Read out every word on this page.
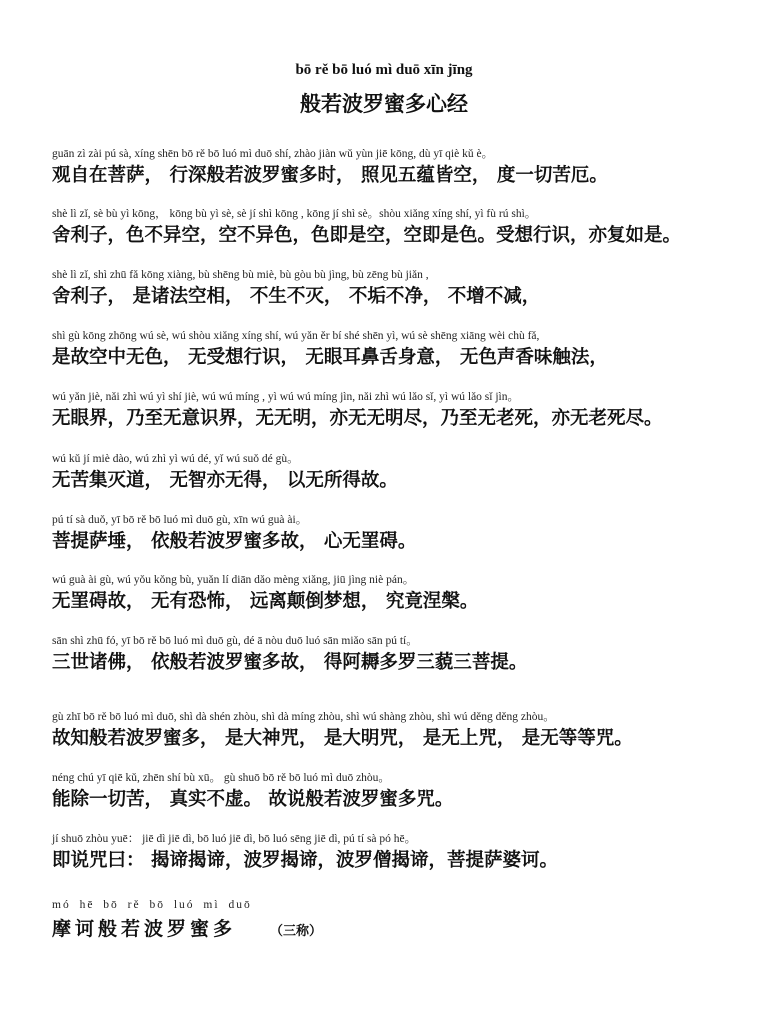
bō rě bō luó mì duō xīn jīng
般若波罗蜜多心经
guān zì zài pú sà, xíng shēn bō rě bō luó mì duō shí, zhào jiàn wǔ yùn jiē kōng, dù yī qiè kǔ è。
观自在菩萨， 行深般若波罗蜜多时， 照见五蕴皆空， 度一切苦厄。
shè lì zǐ, sè bù yì kōng， kōng bù yì sè, sè jí shì kōng , kōng jí shì sè。shòu xiǎng xíng shí, yì fù rú shì。
舍利子，色不异空，空不异色，色即是空，空即是色。受想行识，亦复如是。
shè lì zǐ, shì zhū fǎ kōng xiàng, bù shēng bù miè, bù gòu bù jìng, bù zēng bù jiǎn ,
舍利子， 是诸法空相， 不生不灭， 不垢不净， 不增不减，
shì gù kōng zhōng wú sè, wú shòu xiǎng xíng shí, wú yǎn ěr bí shé shēn yì, wú sè shēng xiāng wèi chù fǎ,
是故空中无色， 无受想行识， 无眼耳鼻舌身意， 无色声香味触法，
wú yǎn jiè, nǎi zhì wú yì shí jiè, wú wú míng , yì wú wú míng jìn, nǎi zhì wú lǎo sǐ, yì wú lǎo sǐ jìn。
无眼界，乃至无意识界，无无明，亦无无明尽，乃至无老死，亦无老死尽。
wú kǔ jí miè dào, wú zhì yì wú dé, yǐ wú suǒ dé gù。
无苦集灭道， 无智亦无得， 以无所得故。
pú tí sà duǒ, yī bō rě bō luó mì duō gù, xīn wú guà ài。
菩提萨埵， 依般若波罗蜜多故， 心无罣碍。
wú guà ài gù, wú yǒu kǒng bù, yuǎn lí diān dǎo mèng xiǎng, jiū jìng niè pán。
无罣碍故， 无有恐怖， 远离颠倒梦想， 究竟涅槃。
sān shì zhū fó, yī bō rě bō luó mì duō gù, dé ā nòu duō luó sān miǎo sān pú tí。
三世诸佛， 依般若波罗蜜多故， 得阿耨多罗三藐三菩提。
gù zhī bō rě bō luó mì duō, shì dà shén zhòu, shì dà míng zhòu, shì wú shàng zhòu, shì wú děng děng zhòu。
故知般若波罗蜜多， 是大神咒， 是大明咒， 是无上咒， 是无等等咒。
néng chú yī qiē kǔ, zhēn shí bù xū。 gù shuō bō rě bō luó mì duō zhòu。
能除一切苦， 真实不虚。 故说般若波罗蜜多咒。
jí shuō zhòu yuē： jiē dì jiē dì, bō luó jiē dì, bō luó sēng jiē dì, pú tí sà pó hē。
即说咒曰： 揭谛揭谛，波罗揭谛，波罗僧揭谛，菩提萨婆诃。
mó hē bō rě bō luó mì duō
摩诃般若波罗蜜多	（三称）
